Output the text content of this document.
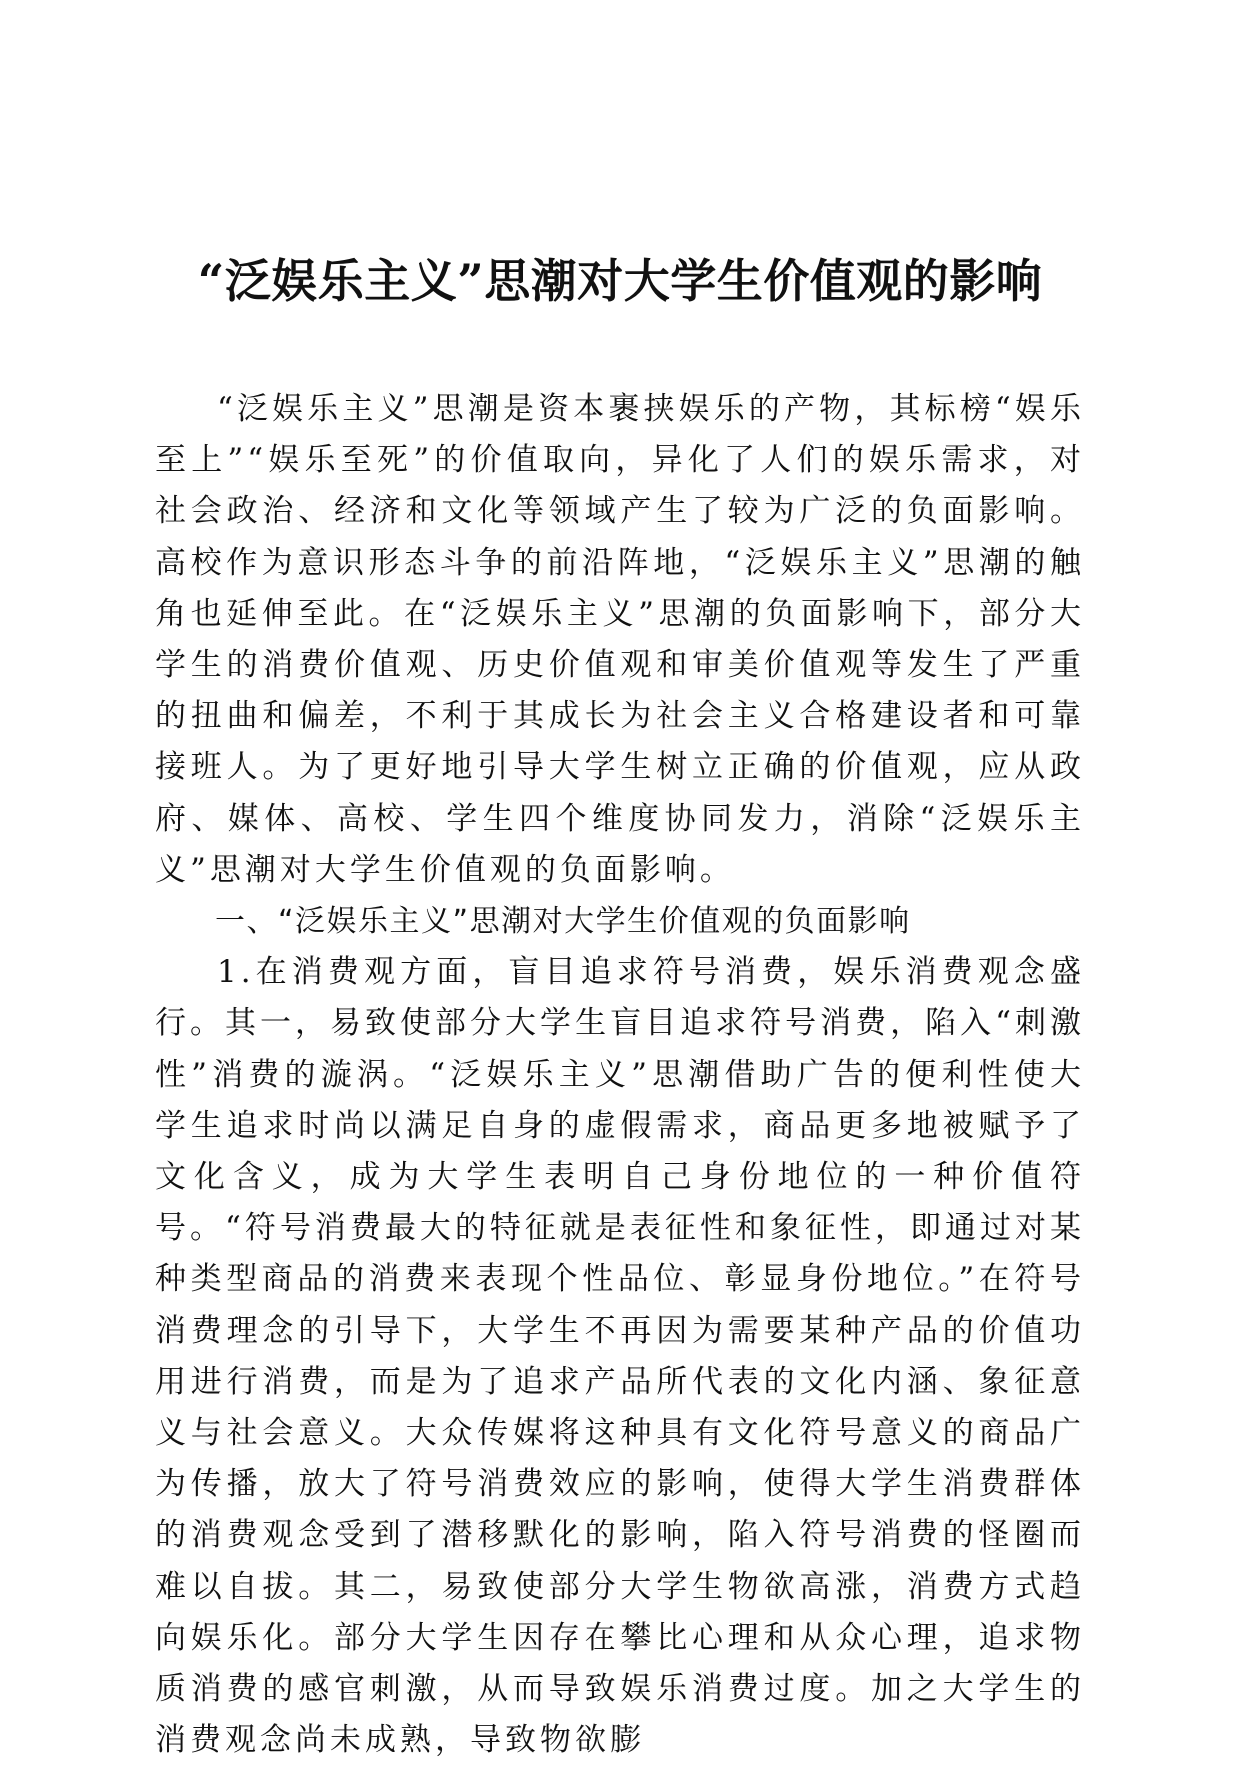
“泛娱乐主义”思潮对大学生价值观的影响

“泛娱乐主义”思潮是资本裹挟娱乐的产物，其标榜“娱乐至上”“娱乐至死”的价值取向，异化了人们的娱乐需求，对社会政治、经济和文化等领域产生了较为广泛的负面影响。高校作为意识形态斗争的前沿阵地，“泛娱乐主义”思潮的触角也延伸至此。在“泛娱乐主义”思潮的负面影响下，部分大学生的消费价值观、历史价值观和审美价值观等发生了严重的扭曲和偏差，不利于其成长为社会主义合格建设者和可靠接班人。为了更好地引导大学生树立正确的价值观，应从政府、媒体、高校、学生四个维度协同发力，消除“泛娱乐主义”思潮对大学生价值观的负面影响。

一、“泛娱乐主义”思潮对大学生价值观的负面影响

1.在消费观方面，盲目追求符号消费，娱乐消费观念盛行。其一，易致使部分大学生盲目追求符号消费，陷入“刺激性”消费的漩涡。“泛娱乐主义”思潮借助广告的便利性使大学生追求时尚以满足自身的虚假需求，商品更多地被赋予了文化含义，成为大学生表明自己身份地位的一种价值符号。“符号消费最大的特征就是表征性和象征性，即通过对某种类型商品的消费来表现个性品位、彰显身份地位。”在符号消费理念的引导下，大学生不再因为需要某种产品的价值功用进行消费，而是为了追求产品所代表的文化内涵、象征意义与社会意义。大众传媒将这种具有文化符号意义的商品广为传播，放大了符号消费效应的影响，使得大学生消费群体的消费观念受到了潜移默化的影响，陷入符号消费的怪圈而难以自拔。其二，易致使部分大学生物欲高涨，消费方式趋向娱乐化。部分大学生因存在攀比心理和从众心理，追求物质消费的感官刺激，从而导致娱乐消费过度。加之大学生的消费观念尚未成熟，导致物欲膨
